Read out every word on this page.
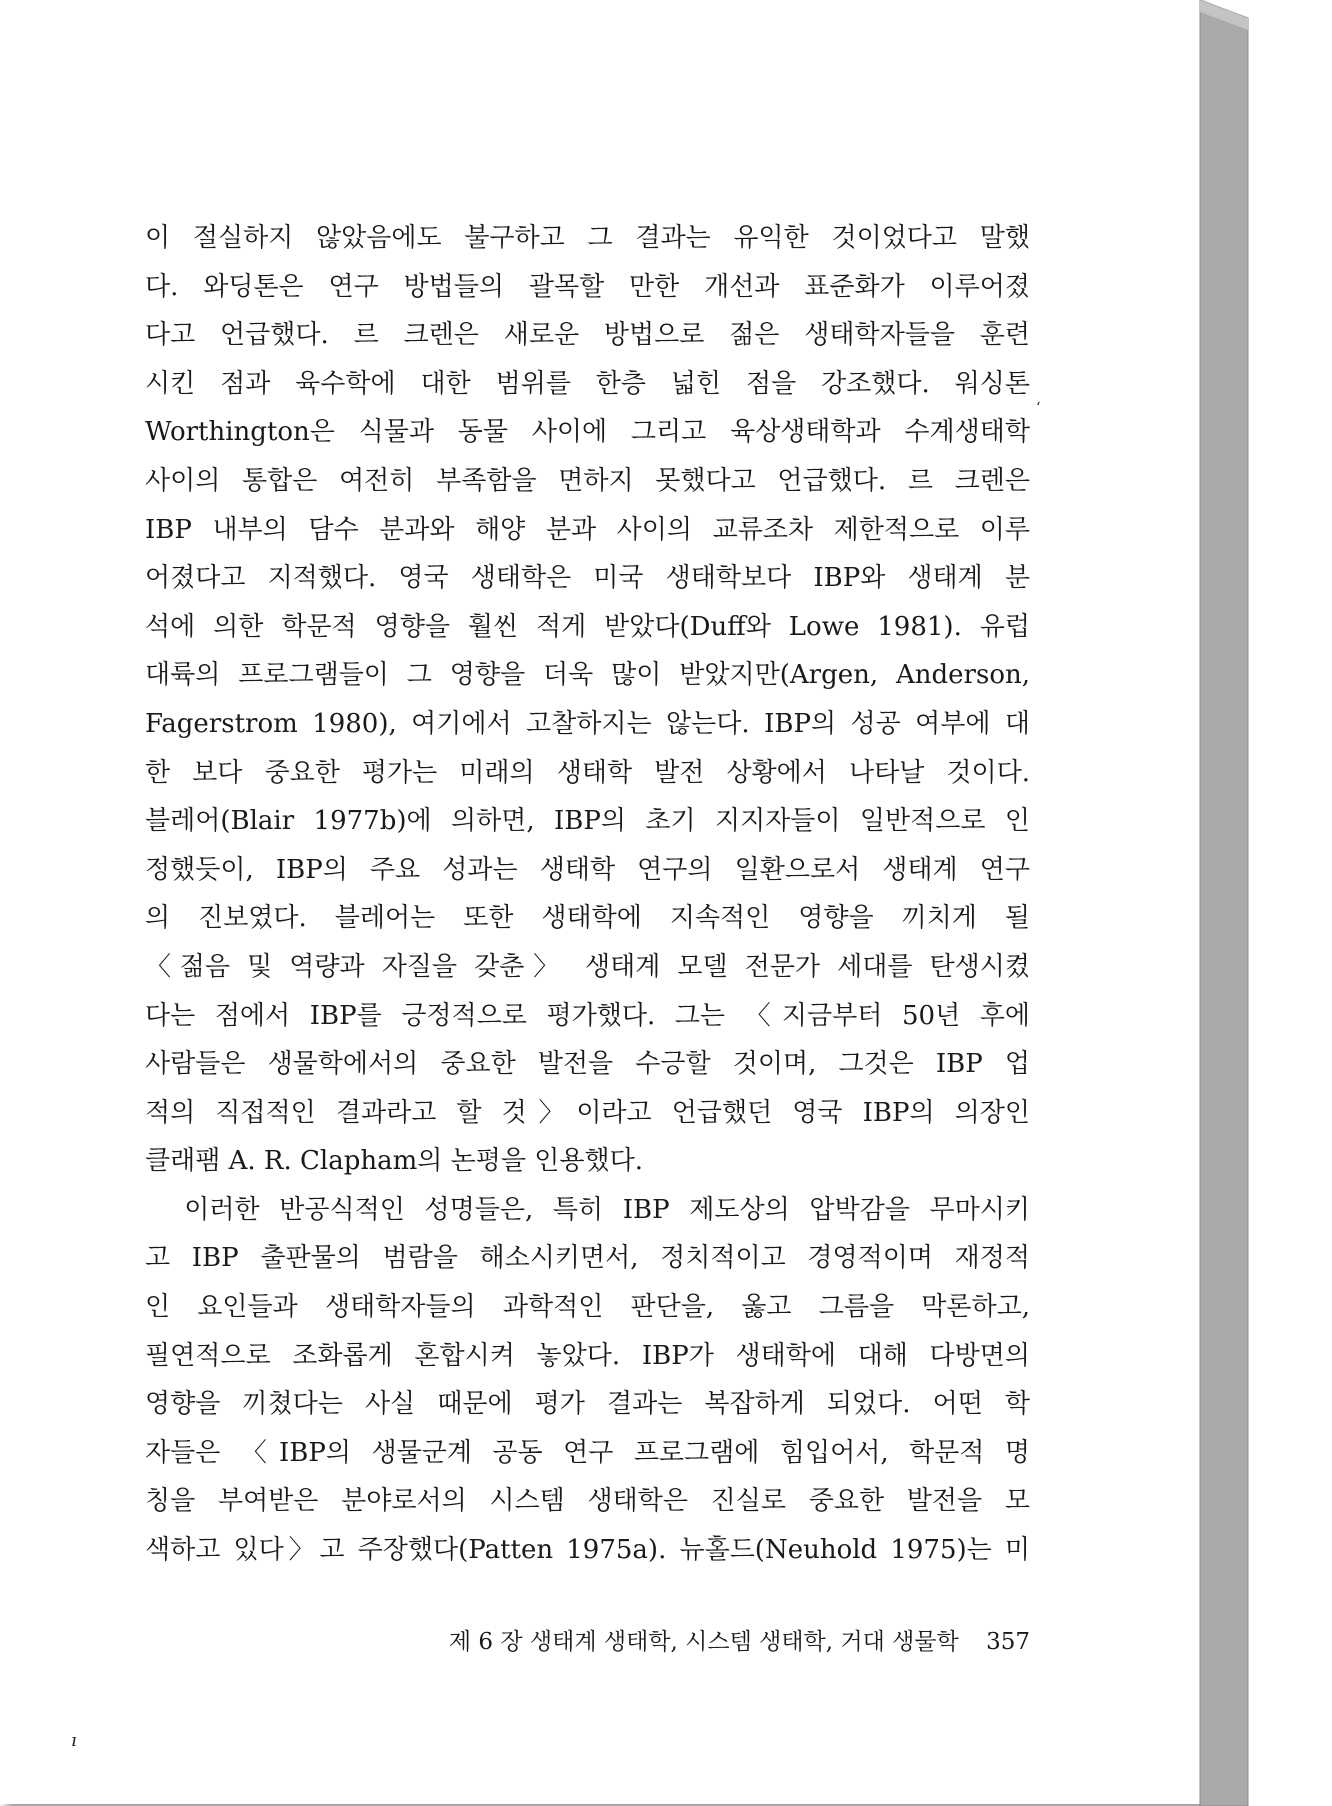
이 절실하지 않았음에도 불구하고 그 결과는 유익한 것이었다고 말했
다. 와딩톤은 연구 방법들의 괄목할 만한 개선과 표준화가 이루어졌
다고 언급했다. 르 크렌은 새로운 방법으로 젊은 생태학자들을 훈련
시킨 점과 육수학에 대한 범위를 한층 넓힌 점을 강조했다. 워싱톤
Worthington은 식물과 동물 사이에 그리고 육상생태학과 수계생태학
사이의 통합은 여전히 부족함을 면하지 못했다고 언급했다. 르 크렌은
IBP 내부의 담수 분과와 해양 분과 사이의 교류조차 제한적으로 이루
어졌다고 지적했다. 영국 생태학은 미국 생태학보다 IBP와 생태계 분
석에 의한 학문적 영향을 훨씬 적게 받았다(Duff와 Lowe 1981). 유럽
대륙의 프로그램들이 그 영향을 더욱 많이 받았지만(Argen, Anderson,
Fagerstrom 1980), 여기에서 고찰하지는 않는다. IBP의 성공 여부에 대
한 보다 중요한 평가는 미래의 생태학 발전 상황에서 나타날 것이다.
블레어(Blair 1977b)에 의하면, IBP의 초기 지지자들이 일반적으로 인
정했듯이, IBP의 주요 성과는 생태학 연구의 일환으로서 생태계 연구
의 진보였다. 블레어는 또한 생태학에 지속적인 영향을 끼치게 될
〈젊음 및 역량과 자질을 갖춘〉 생태계 모델 전문가 세대를 탄생시켰
다는 점에서 IBP를 긍정적으로 평가했다. 그는 〈지금부터 50년 후에
사람들은 생물학에서의 중요한 발전을 수긍할 것이며, 그것은 IBP 업
적의 직접적인 결과라고 할 것〉이라고 언급했던 영국 IBP의 의장인
클래팸 A. R. Clapham의 논평을 인용했다.
이러한 반공식적인 성명들은, 특히 IBP 제도상의 압박감을 무마시키
고 IBP 출판물의 범람을 해소시키면서, 정치적이고 경영적이며 재정적
인 요인들과 생태학자들의 과학적인 판단을, 옳고 그름을 막론하고,
필연적으로 조화롭게 혼합시켜 놓았다. IBP가 생태학에 대해 다방면의
영향을 끼쳤다는 사실 때문에 평가 결과는 복잡하게 되었다. 어떤 학
자들은 〈IBP의 생물군계 공동 연구 프로그램에 힘입어서, 학문적 명
칭을 부여받은 분야로서의 시스템 생태학은 진실로 중요한 발전을 모
색하고 있다〉고 주장했다(Patten 1975a). 뉴홀드(Neuhold 1975)는 미
제 6 장 생태계 생태학, 시스템 생태학, 거대 생물학 357
ı
‘
